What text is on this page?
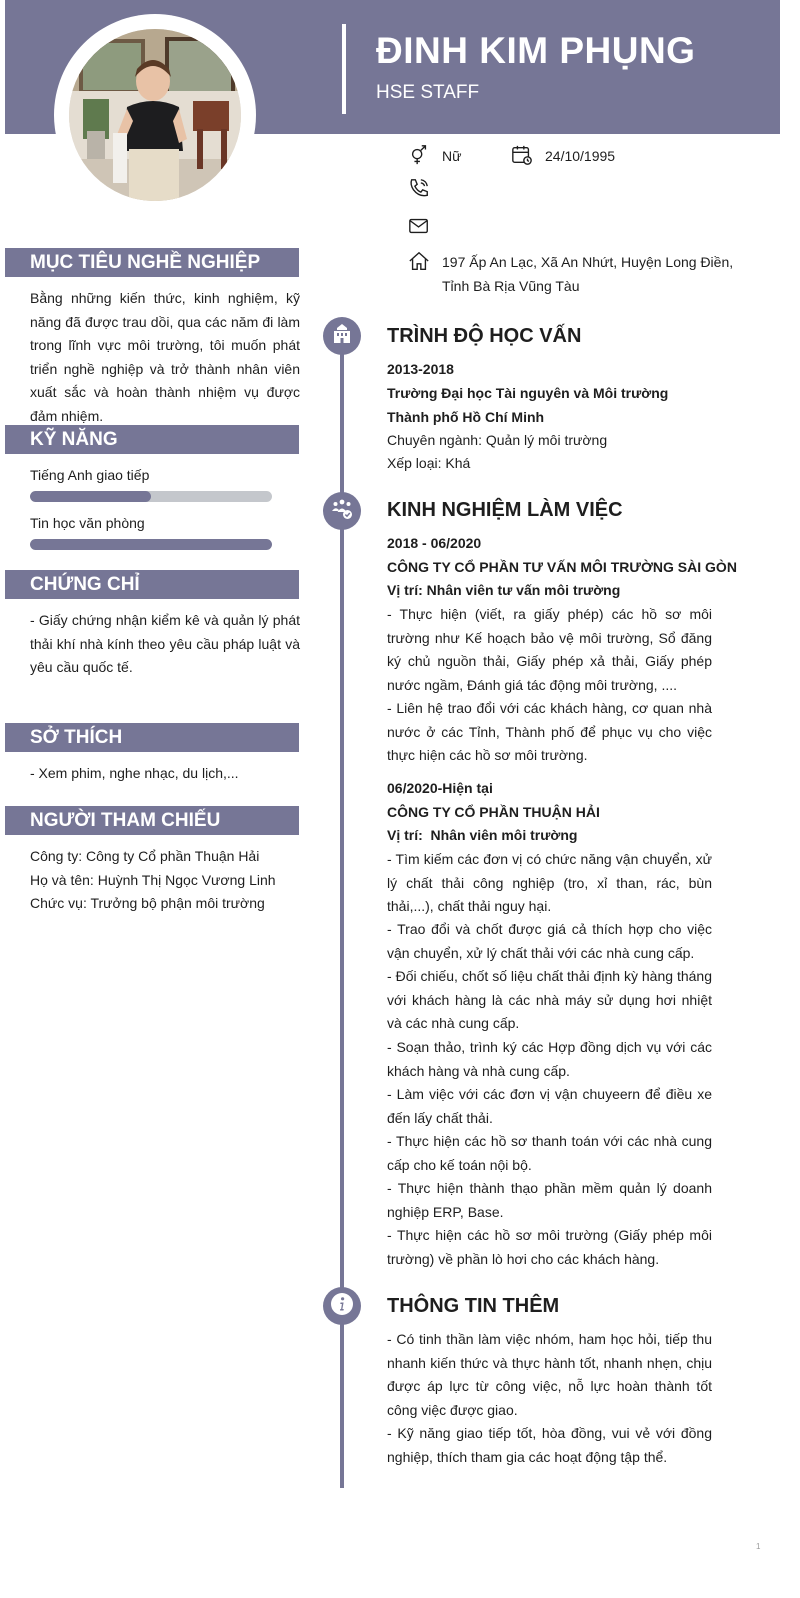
ĐINH KIM PHỤNG
HSE STAFF
Nữ	24/10/1995
197 Ấp An Lạc, Xã An Nhứt, Huyện Long Điền, Tỉnh Bà Rịa Vũng Tàu
MỤC TIÊU NGHỀ NGHIỆP
Bằng những kiến thức, kinh nghiệm, kỹ năng đã được trau dồi, qua các năm đi làm trong lĩnh vực môi trường, tôi muốn phát triển nghề nghiệp và trở thành nhân viên xuất sắc và hoàn thành nhiệm vụ được đảm nhiệm.
KỸ NĂNG
Tiếng Anh giao tiếp
Tin học văn phòng
CHỨNG CHỈ
- Giấy chứng nhận kiểm kê và quản lý phát thải khí nhà kính theo yêu cầu pháp luật và yêu cầu quốc tế.
SỞ THÍCH
- Xem phim, nghe nhạc, du lịch,...
NGƯỜI THAM CHIẾU
Công ty: Công ty Cổ phần Thuận Hải
Họ và tên: Huỳnh Thị Ngọc Vương Linh
Chức vụ: Trưởng bộ phận môi trường
TRÌNH ĐỘ HỌC VẤN
2013-2018
Trường Đại học Tài nguyên và Môi trường Thành phố Hồ Chí Minh
Chuyên ngành: Quản lý môi trường
Xếp loại: Khá
KINH NGHIỆM LÀM VIỆC
2018 - 06/2020
CÔNG TY CỔ PHẦN TƯ VẤN MÔI TRƯỜNG SÀI GÒN
Vị trí: Nhân viên tư vấn môi trường
- Thực hiện (viết, ra giấy phép) các hồ sơ môi trường như Kế hoạch bảo vệ môi trường, Sổ đăng ký chủ nguồn thải, Giấy phép xả thải, Giấy phép nước ngầm, Đánh giá tác động môi trường, ....
- Liên hệ trao đổi với các khách hàng, cơ quan nhà nước ở các Tỉnh, Thành phố để phục vụ cho việc thực hiện các hồ sơ môi trường.
06/2020-Hiện tại
CÔNG TY CỔ PHẦN THUẬN HẢI
Vị trí:  Nhân viên môi trường
- Tìm kiếm các đơn vị có chức năng vận chuyển, xử lý chất thải công nghiệp (tro, xỉ than, rác, bùn thải,...), chất thải nguy hại.
- Trao đổi và chốt được giá cả thích hợp cho việc vận chuyển, xử lý chất thải với các nhà cung cấp.
- Đối chiếu, chốt số liệu chất thải định kỳ hàng tháng với khách hàng là các nhà máy sử dụng hơi nhiệt và các nhà cung cấp.
- Soạn thảo, trình ký các Hợp đồng dịch vụ với các khách hàng và nhà cung cấp.
- Làm việc với các đơn vị vận chuyeern để điều xe đến lấy chất thải.
- Thực hiện các hồ sơ thanh toán với các nhà cung cấp cho kế toán nội bộ.
- Thực hiện thành thạo phần mềm quản lý doanh nghiệp ERP, Base.
- Thực hiện các hồ sơ môi trường (Giấy phép môi trường) về phần lò hơi cho các khách hàng.
THÔNG TIN THÊM
- Có tinh thần làm việc nhóm, ham học hỏi, tiếp thu nhanh kiến thức và thực hành tốt, nhanh nhẹn, chịu được áp lực từ công việc, nỗ lực hoàn thành tốt công việc được giao.
- Kỹ năng giao tiếp tốt, hòa đồng, vui vẻ với đồng nghiệp, thích tham gia các hoạt động tập thể.
1
